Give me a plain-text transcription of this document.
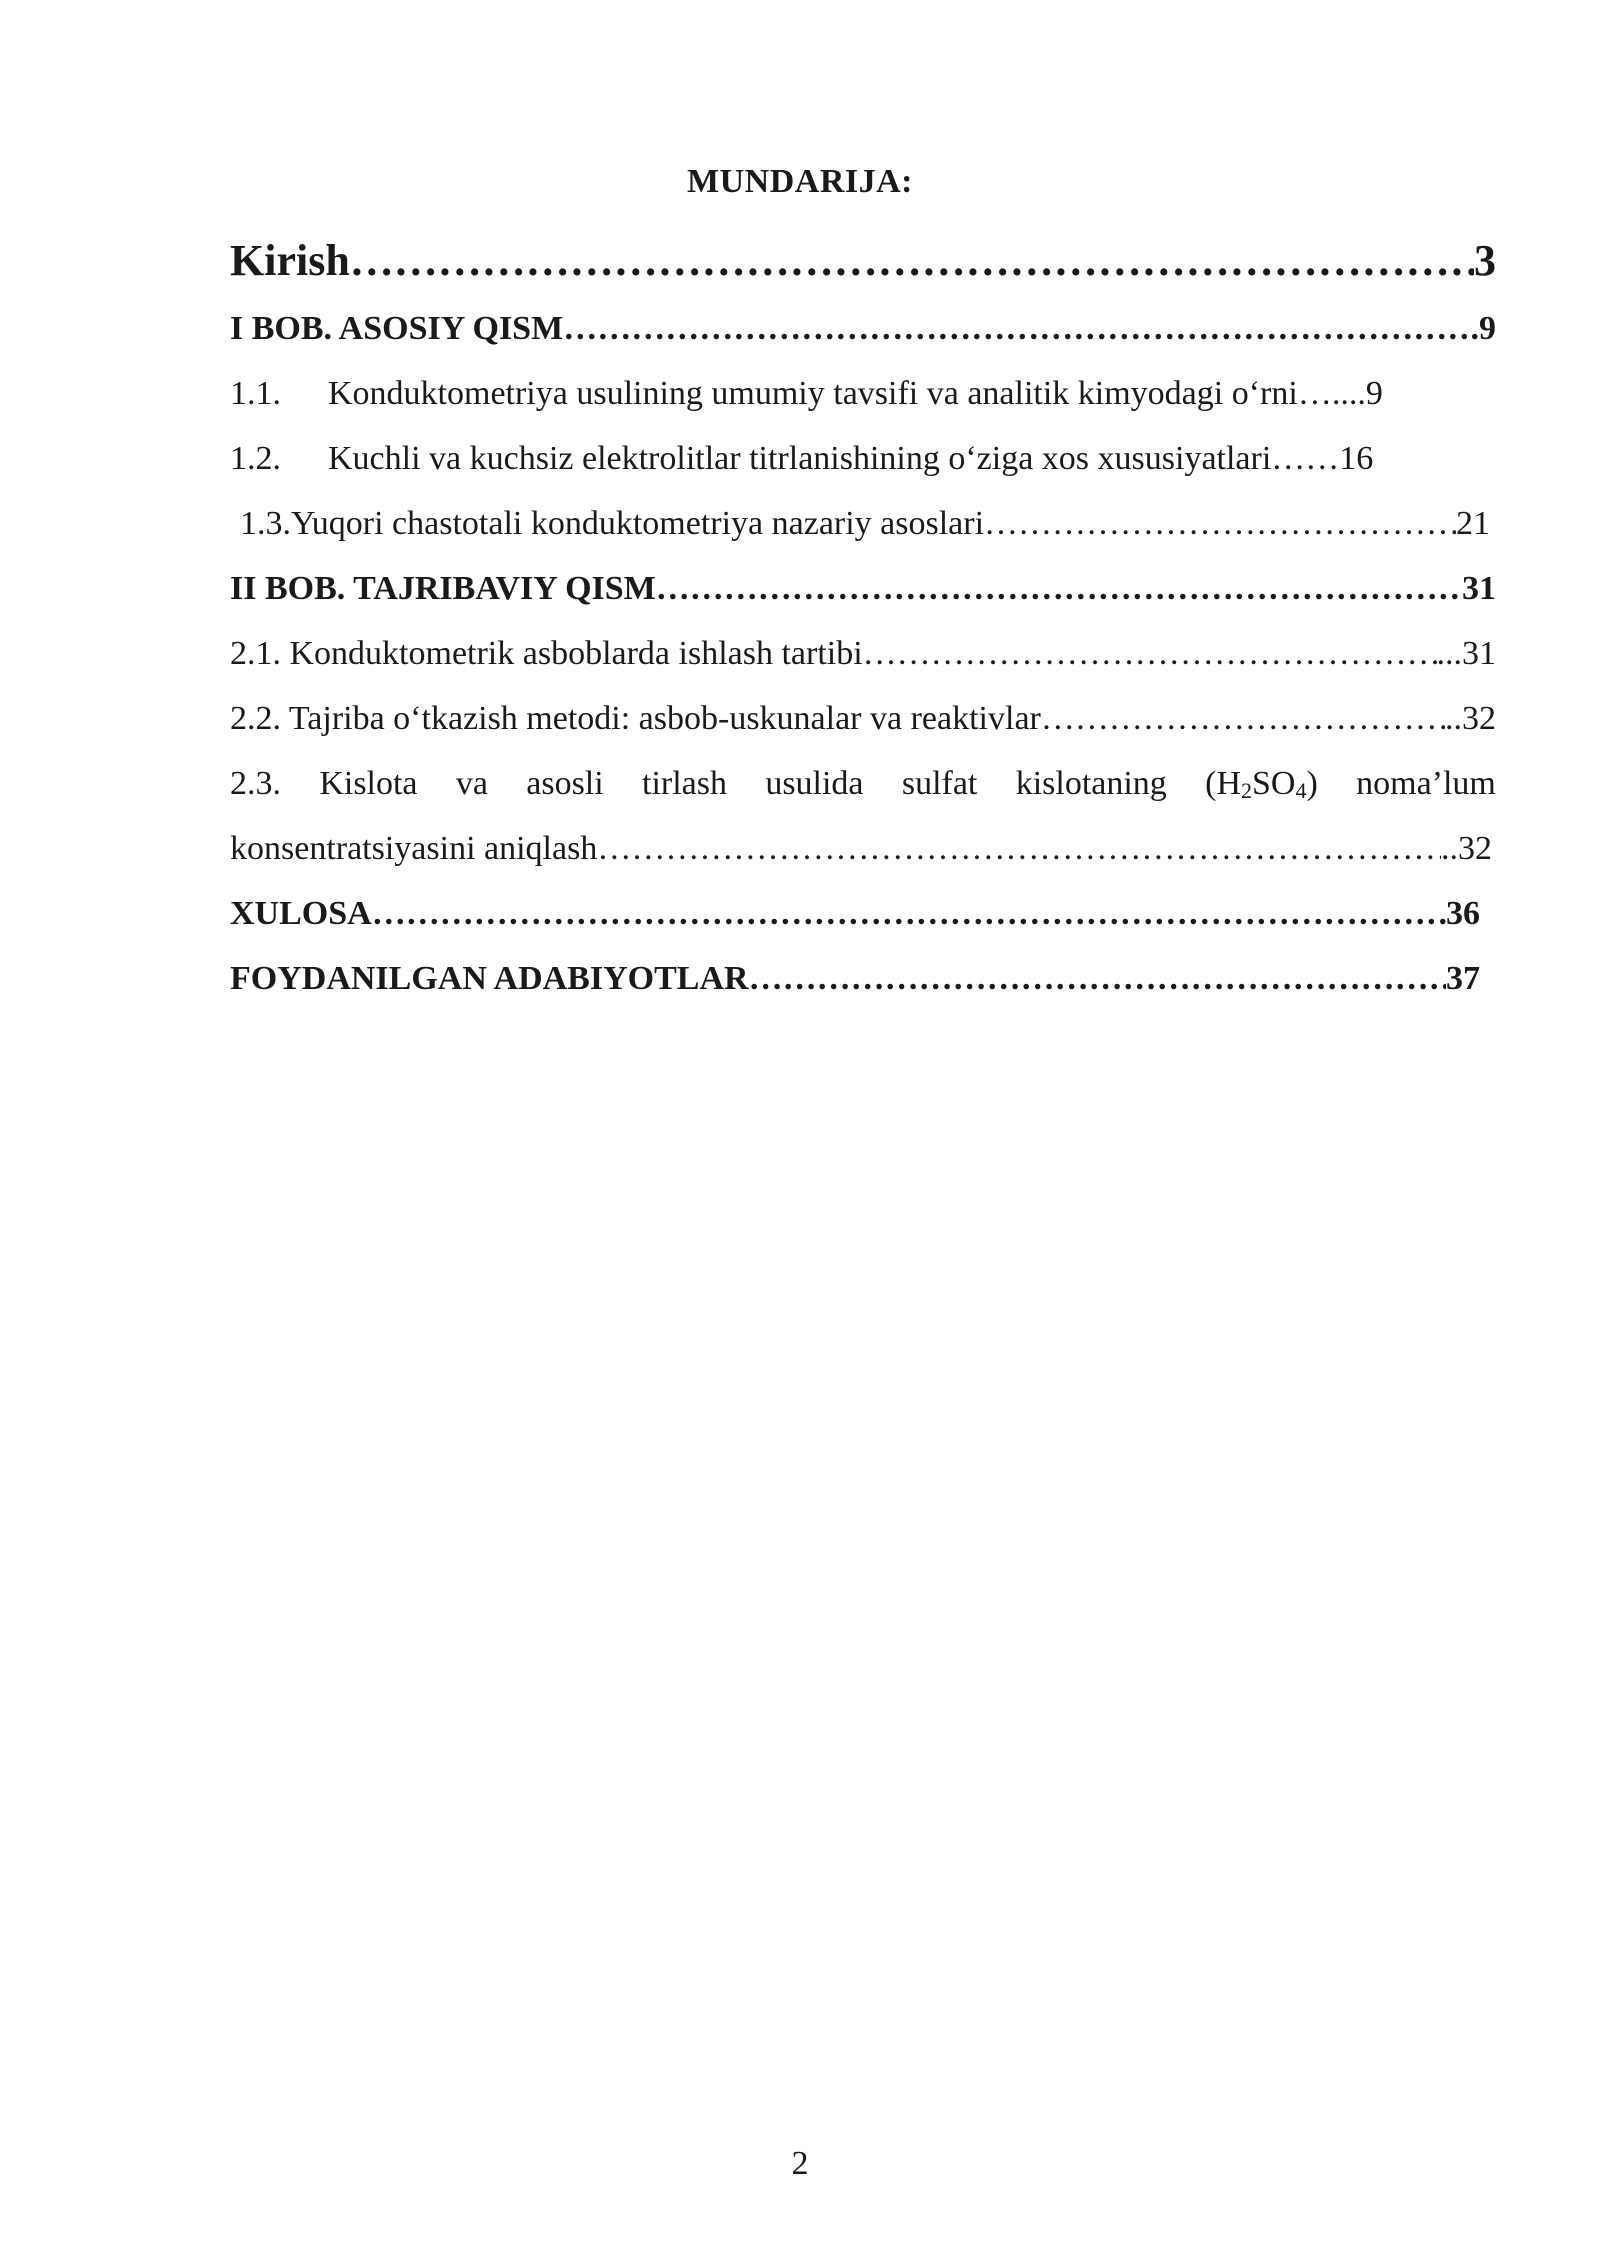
MUNDARIJA:
Kirish ………………………………………………………………………………………………………………………………………………………………………………………	3
I BOB. ASOSIY QISM ………………………………………………………………………………………………………………………………………………………………………………………	.9
1.1.	Konduktometriya usulining umumiy tavsifi va analitik kimyodagi o‘rni …....9
1.2.	Kuchli va kuchsiz elektrolitlar titrlanishining o‘ziga xos xususiyatlari ……16
1.3. Yuqori chastotali konduktometriya nazariy asoslari ………………………………………………………………………………………………………………………………………………………………………………………	21
II BOB. TAJRIBAVIY QISM ………………………………………………………………………………………………………………………………………………………………………………………	31
2.1. Konduktometrik asboblarda ishlash tartibi ………………………………………………………………………………………………………………………………………………………………………………………	...31
2.2. Tajriba o‘tkazish metodi: asbob-uskunalar va reaktivlar ………………………………………………………………………………………………………………………………………………………………………………………	..32
2.3. Kislota va asosli tirlash usulida sulfat kislotaning $(H_2SO_4)$ noma’lum
konsentratsiyasini aniqlash ………………………………………………………………………………………………………………………………………………………………………………………	..32
XULOSA ………………………………………………………………………………………………………………………………………………………………………………………	36
FOYDANILGAN ADABIYOTLAR ………………………………………………………………………………………………………………………………………………………………………………………	37
2
